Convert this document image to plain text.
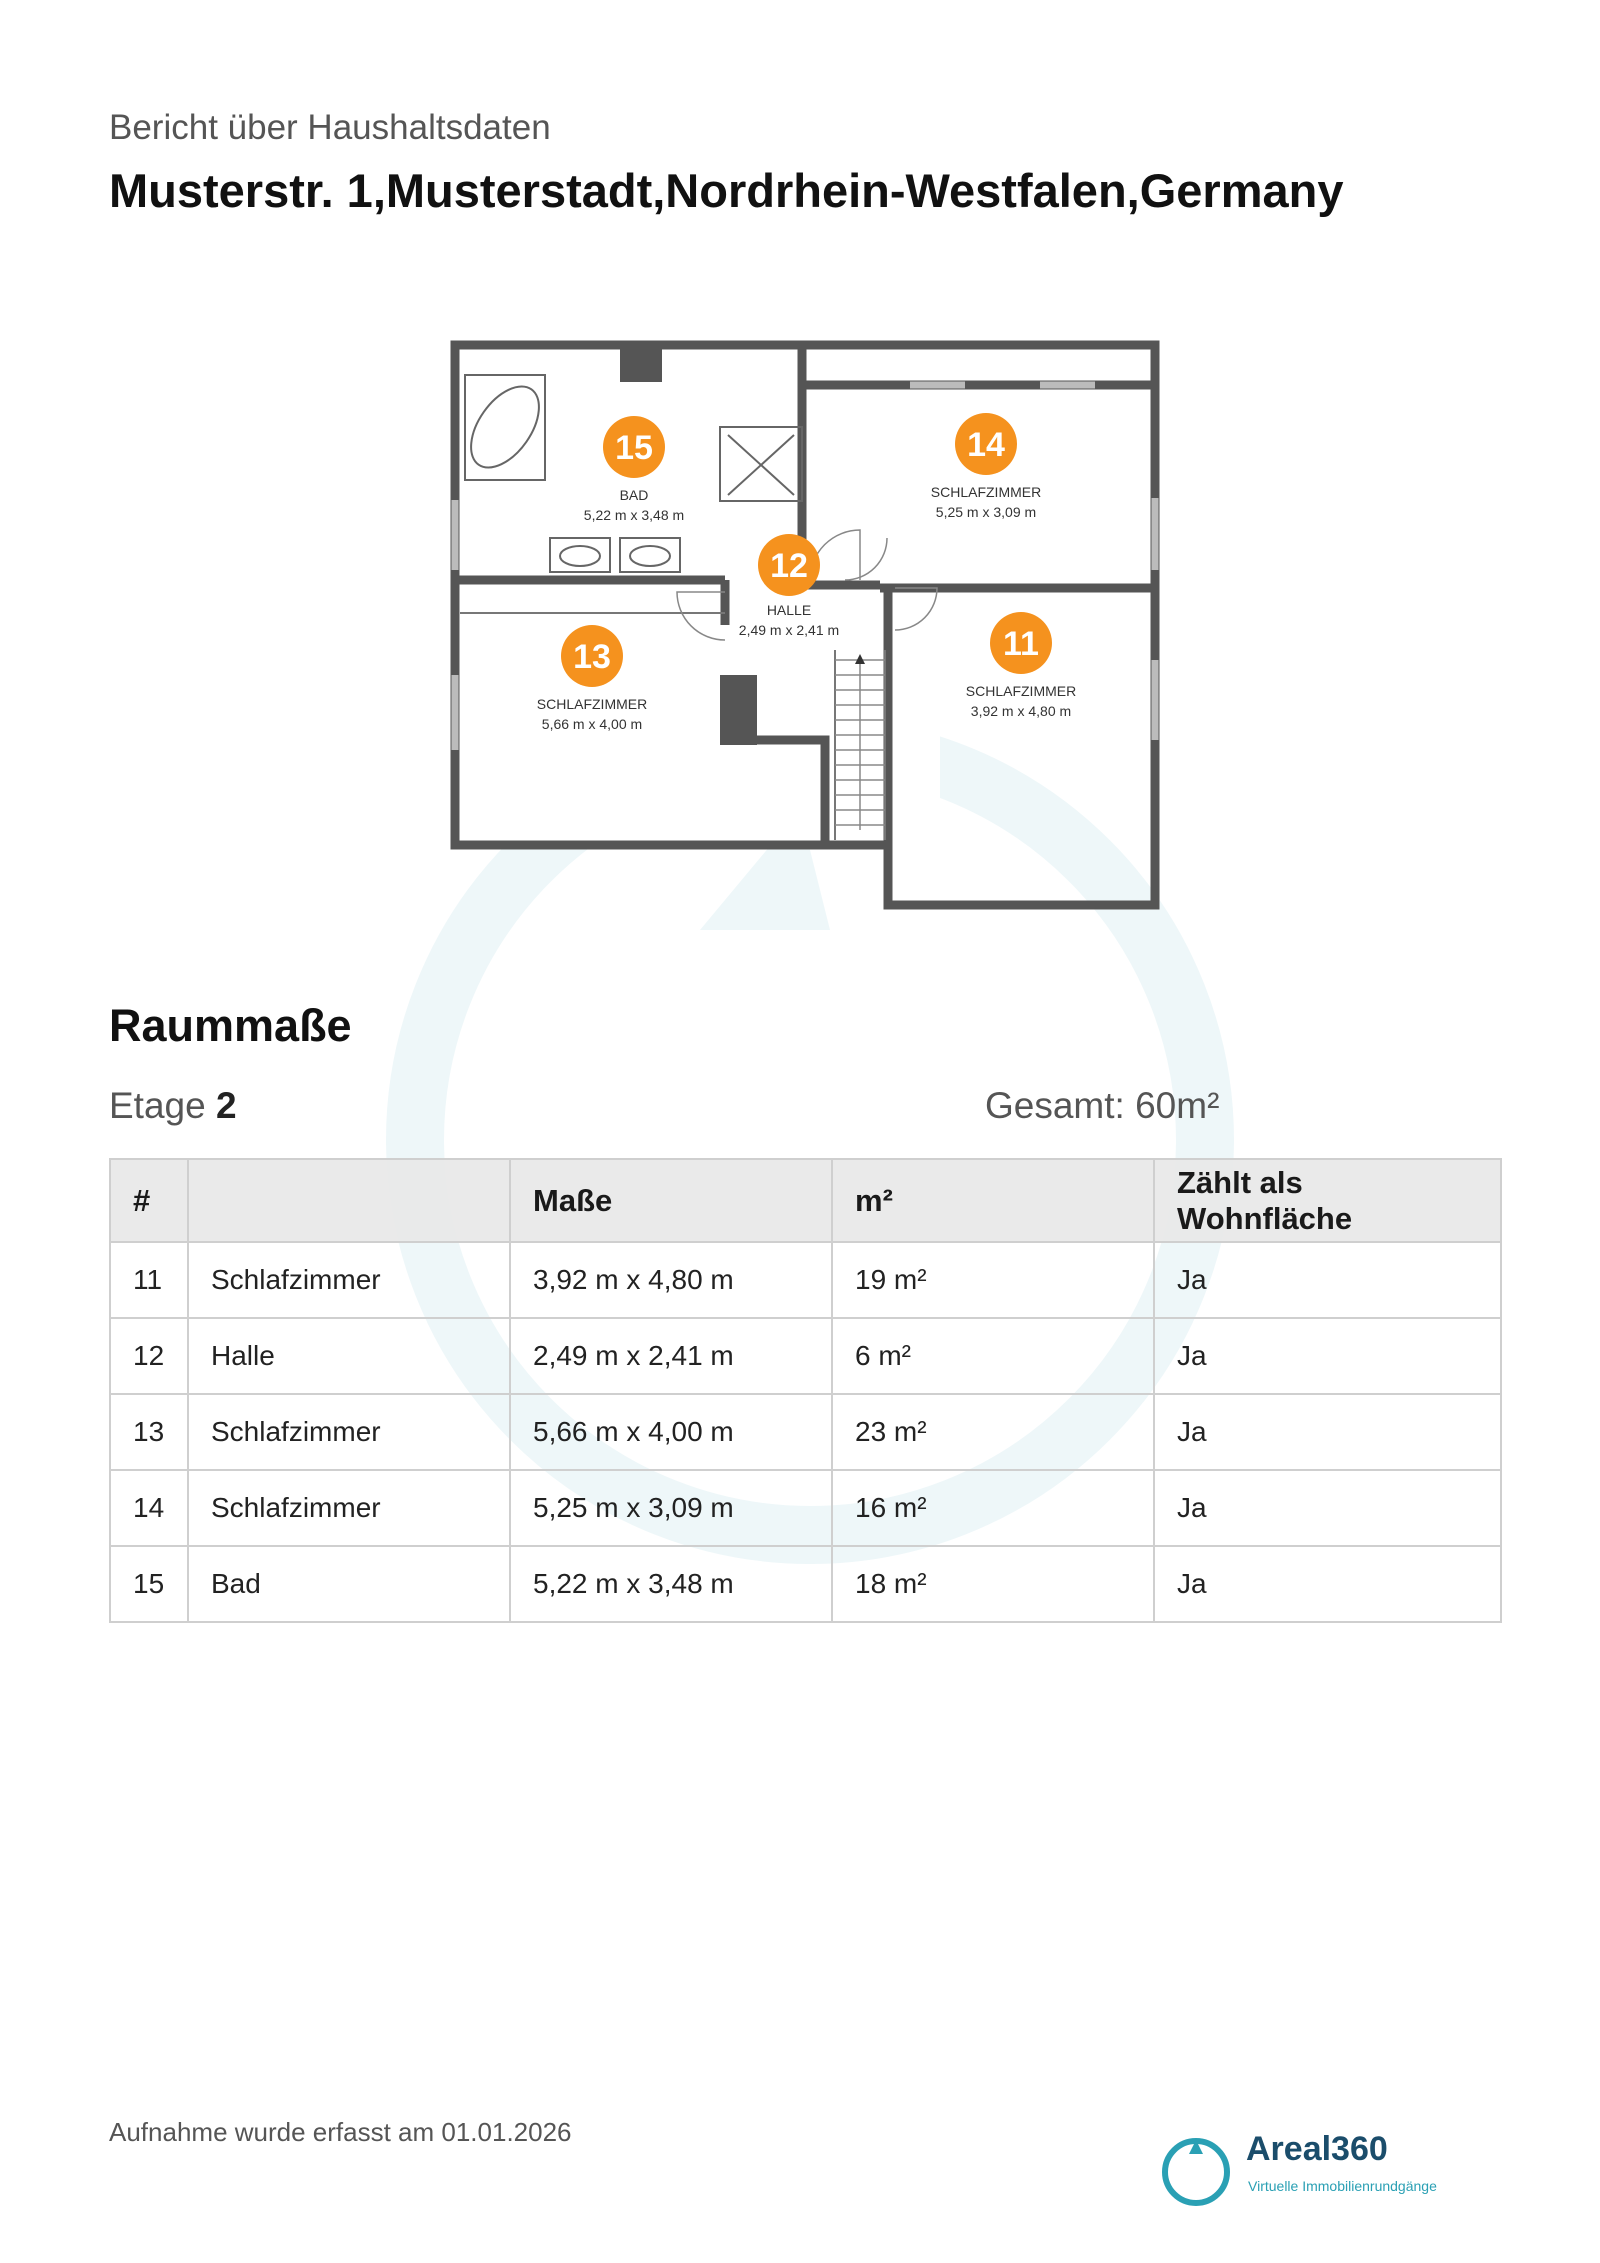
Bericht über Haushaltsdaten
Musterstr. 1,Musterstadt,Nordrhein-Westfalen,Germany
15
BAD
5,22 m x 3,48 m
14
SCHLAFZIMMER
5,25 m x 3,09 m
12
HALLE
2,49 m x 2,41 m
13
SCHLAFZIMMER
5,66 m x 4,00 m
11
SCHLAFZIMMER
3,92 m x 4,80 m
Raummaße
Etage 2	Gesamt: 60m²
#		Maße	m²	Zählt als Wohnfläche
11	Schlafzimmer	3,92 m x 4,80 m	19 m²	Ja
12	Halle	2,49 m x 2,41 m	6 m²	Ja
13	Schlafzimmer	5,66 m x 4,00 m	23 m²	Ja
14	Schlafzimmer	5,25 m x 3,09 m	16 m²	Ja
15	Bad	5,22 m x 3,48 m	18 m²	Ja
Aufnahme wurde erfasst am 01.01.2026	Areal360
Virtuelle Immobilienrundgänge
